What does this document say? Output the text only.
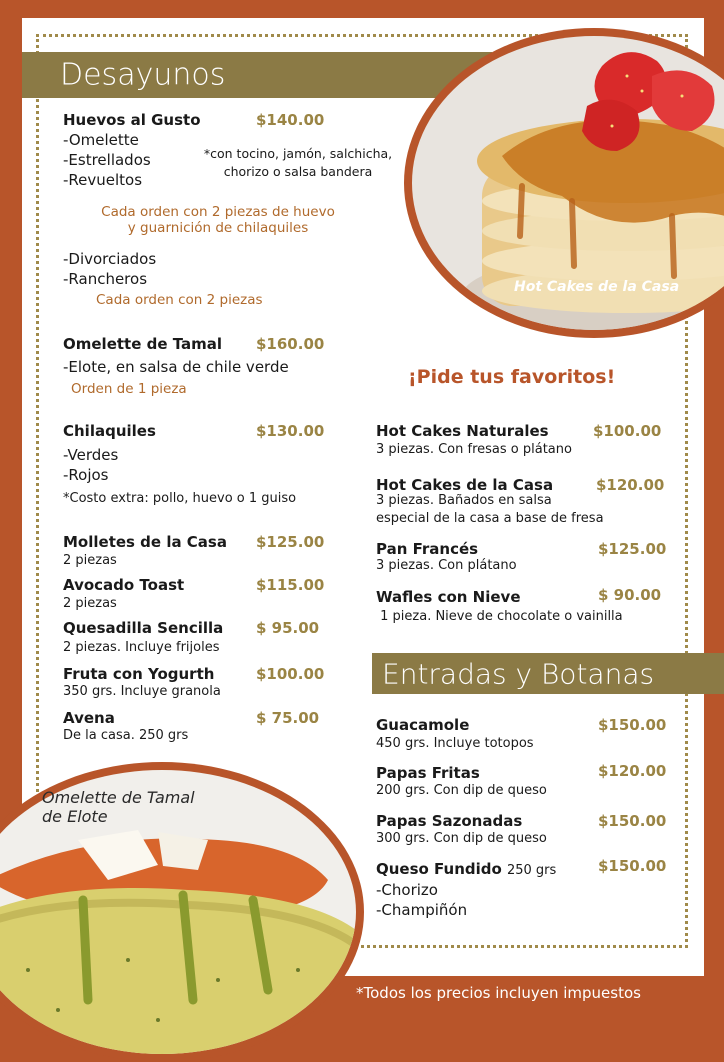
Desayunos
Hot Cakes de la Casa
Huevos al Gusto	$140.00
-Omelette
-Estrellados
-Revueltos
*con tocino, jamón, salchicha,
chorizo o salsa bandera
Cada orden con 2 piezas de huevo
y guarnición de chilaquiles
-Divorciados
-Rancheros
Cada orden con 2 piezas
Omelette de Tamal $160.00
-Elote, en salsa de chile verde
Orden de 1 pieza
Chilaquiles	$130.00
-Verdes
-Rojos
*Costo extra: pollo, huevo o 1 guiso
Molletes de la Casa $125.00
2 piezas
Avocado Toast	$115.00
2 piezas
Quesadilla Sencilla $ 95.00
2 piezas. Incluye frijoles
Fruta con Yogurth	$100.00
350 grs. Incluye granola
Avena	$ 75.00
De la casa. 250 grs
¡Pide tus favoritos!
Hot Cakes Naturales	$100.00
3 piezas. Con fresas o plátano
Hot Cakes de la Casa	$120.00
3 piezas. Bañados en salsa
especial de la casa a base de fresa
Pan Francés	$125.00
3 piezas. Con plátano
Wafles con Nieve	$ 90.00
1 pieza. Nieve de chocolate o vainilla
Entradas y Botanas
Guacamole	$150.00
450 grs. Incluye totopos
Papas Fritas	$120.00
200 grs. Con dip de queso
Papas Sazonadas	$150.00
300 grs. Con dip de queso
Queso Fundido 250 grs	$150.00
-Chorizo
-Champiñón
Omelette de Tamal
de Elote
*Todos los precios incluyen impuestos
